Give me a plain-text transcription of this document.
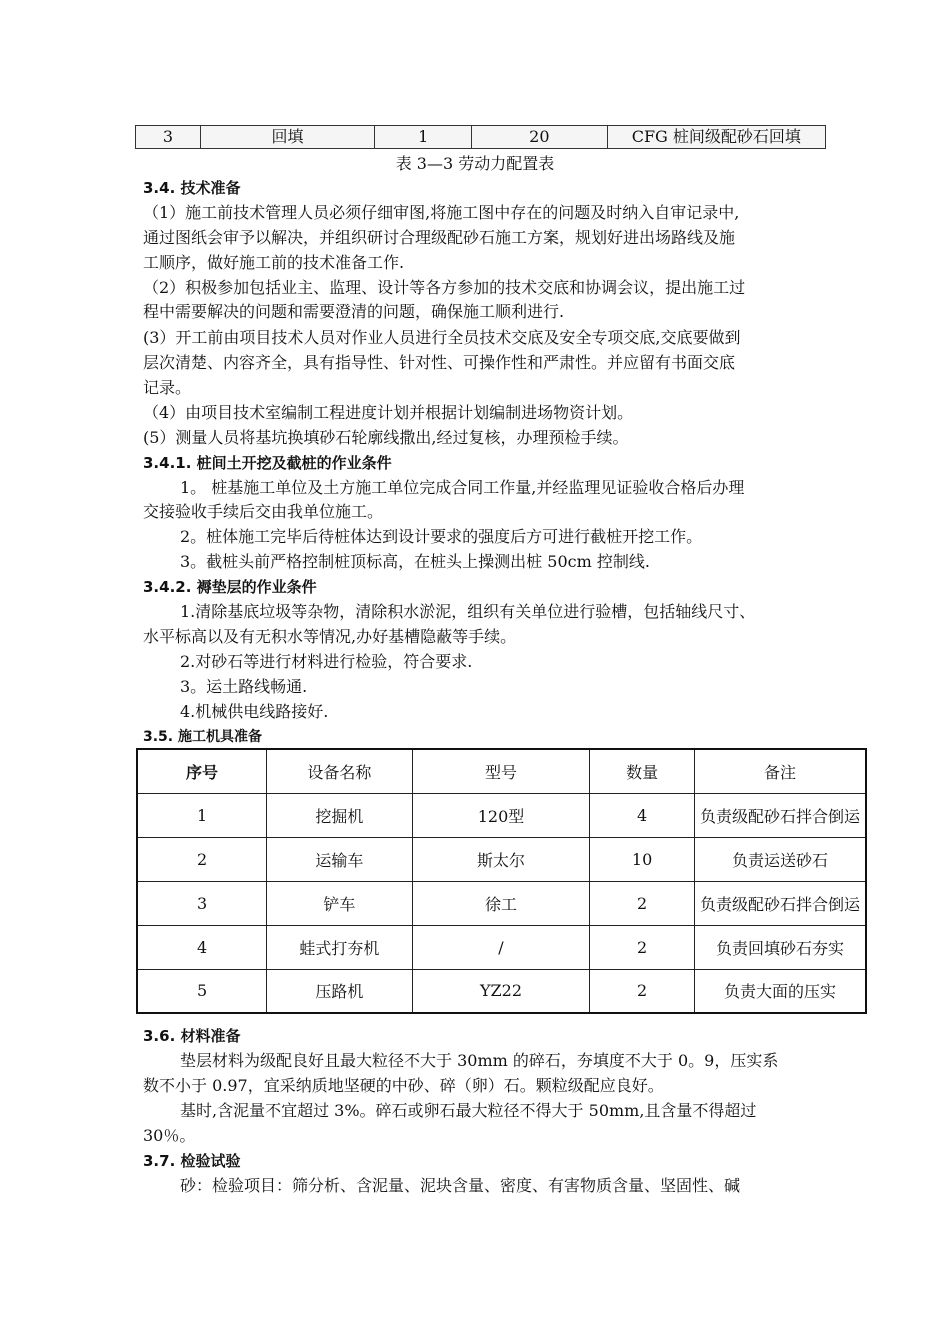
3	回填	1	20	CFG 桩间级配砂石回填
表 3—3 劳动力配置表
3.4. 技术准备
（1）施工前技术管理人员必须仔细审图,将施工图中存在的问题及时纳入自审记录中,
通过图纸会审予以解决，并组织研讨合理级配砂石施工方案，规划好进出场路线及施
工顺序，做好施工前的技术准备工作.
（2）积极参加包括业主、监理、设计等各方参加的技术交底和协调会议，提出施工过
程中需要解决的问题和需要澄清的问题，确保施工顺利进行.
(3）开工前由项目技术人员对作业人员进行全员技术交底及安全专项交底,交底要做到
层次清楚、内容齐全，具有指导性、针对性、可操作性和严肃性。并应留有书面交底
记录。
（4）由项目技术室编制工程进度计划并根据计划编制进场物资计划。
(5）测量人员将基坑换填砂石轮廓线撒出,经过复核，办理预检手续。
3.4.1. 桩间土开挖及截桩的作业条件
1。 桩基施工单位及土方施工单位完成合同工作量,并经监理见证验收合格后办理
交接验收手续后交由我单位施工。
2。桩体施工完毕后待桩体达到设计要求的强度后方可进行截桩开挖工作。
3。截桩头前严格控制桩顶标高，在桩头上操测出桩 50cm 控制线.
3.4.2. 褥垫层的作业条件
1.清除基底垃圾等杂物，清除积水淤泥，组织有关单位进行验槽，包括轴线尺寸、
水平标高以及有无积水等情况,办好基槽隐蔽等手续。
2.对砂石等进行材料进行检验，符合要求.
3。运土路线畅通.
4.机械供电线路接好.
3.5. 施工机具准备
序号	设备名称	型号	数量	备注
1	挖掘机	120型	4	负责级配砂石拌合倒运
2	运输车	斯太尔	10	负责运送砂石
3	铲车	徐工	2	负责级配砂石拌合倒运
4	蛙式打夯机	/	2	负责回填砂石夯实
5	压路机	YZ22	2	负责大面的压实
3.6. 材料准备
垫层材料为级配良好且最大粒径不大于 30mm 的碎石，夯填度不大于 0。9，压实系
数不小于 0.97，宜采纳质地坚硬的中砂、碎（卵）石。颗粒级配应良好。
基时,含泥量不宜超过 3%。碎石或卵石最大粒径不得大于 50mm,且含量不得超过
30％。
3.7. 检验试验
砂：检验项目：筛分析、含泥量、泥块含量、密度、有害物质含量、坚固性、碱
